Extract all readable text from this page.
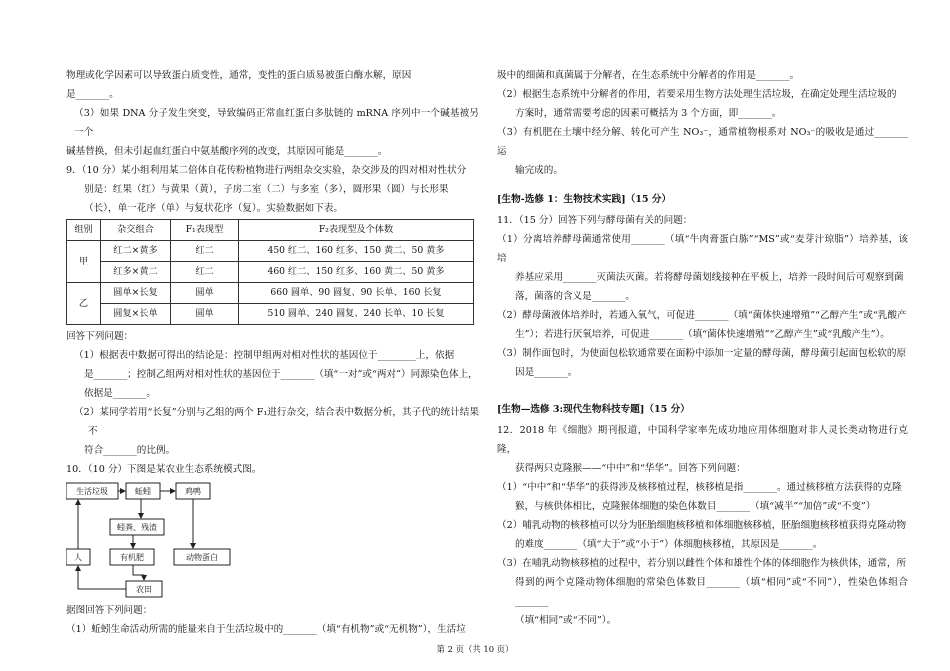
物理或化学因素可以导致蛋白质变性，通常，变性的蛋白质易被蛋白酶水解，原因

是_______。

（3）如果 DNA 分子发生突变，导致编码正常血红蛋白多肽链的 mRNA 序列中一个碱基被另一个

碱基替换，但未引起血红蛋白中氨基酸序列的改变，其原因可能是_______。

9．（10 分）某小组利用某二倍体自花传粉植物进行两组杂交实验，杂交涉及的四对相对性状分

别是：红果（红）与黄果（黄），子房二室（二）与多室（多），圆形果（圆）与长形果

（长），单一花序（单）与复状花序（复）。实验数据如下表。

组别	杂交组合	F₁表现型	F₂表现型及个体数
甲	红二×黄多	红二	450 红二、160 红多、150 黄二、50 黄多
	红多×黄二	红二	460 红二、150 红多、160 黄二、50 黄多
乙	圆单×长复	圆单	660 圆单、90 圆复、90 长单、160 长复
	圆复×长单	圆单	510 圆单、240 圆复、240 长单、10 长复

回答下列问题：

（1）根据表中数据可得出的结论是：控制甲组两对相对性状的基因位于________上，依据

是_______；控制乙组两对相对性状的基因位于_______（填“一对”或“两对”）同源染色体上，

依据是_______。

（2）某同学若用“长复”分别与乙组的两个 F₁进行杂交，结合表中数据分析，其子代的统计结果不

符合_______的比例。

10．（10 分）下图是某农业生态系统模式图。

生活垃圾	蚯蚓	鸡鸭
蚓粪、残渣
有机肥	动物蛋白
人
农田

据图回答下列问题：

（1）蚯蚓生命活动所需的能量来自于生活垃圾中的_______（填“有机物”或“无机物”），生活垃

圾中的细菌和真菌属于分解者，在生态系统中分解者的作用是_______。

（2）根据生态系统中分解者的作用，若要采用生物方法处理生活垃圾，在确定处理生活垃圾的

方案时，通常需要考虑的因素可概括为 3 个方面，即_______。

（3）有机肥在土壤中经分解、转化可产生 NO₃⁻，通常植物根系对 NO₃⁻的吸收是通过_______运

输完成的。

[生物-选修 1：生物技术实践]（15 分）

11．（15 分）回答下列与酵母菌有关的问题：

（1）分离培养酵母菌通常使用_______（填“牛肉膏蛋白胨”“MS”或“麦芽汁琼脂”）培养基，该培

养基应采用_______灭菌法灭菌。若将酵母菌划线接种在平板上，培养一段时间后可观察到菌

落，菌落的含义是_______。

（2）酵母菌液体培养时，若通入氧气，可促进_______（填“菌体快速增殖”“乙醇产生”或“乳酸产

生”）；若进行厌氧培养，可促进_______（填“菌体快速增殖”“乙醇产生”或“乳酸产生”）。

（3）制作面包时，为使面包松软通常要在面粉中添加一定量的酵母菌，酵母菌引起面包松软的原

因是_______。

[生物—选修 3:现代生物科技专题]（15 分）

12．2018 年《细胞》期刊报道，中国科学家率先成功地应用体细胞对非人灵长类动物进行克隆，

获得两只克隆猴——“中中”和“华华”。回答下列问题：

（1）“中中”和“华华”的获得涉及核移植过程，核移植是指_______。通过核移植方法获得的克隆

猴，与核供体相比，克隆猴体细胞的染色体数目_______（填“减半”“加倍”或“不变”）

（2）哺乳动物的核移植可以分为胚胎细胞核移植和体细胞核移植，胚胎细胞核移植获得克隆动物

的难度_______（填“大于”或“小于”）体细胞核移植，其原因是_______。

（3）在哺乳动物核移植的过程中，若分别以雌性个体和雄性个体的体细胞作为核供体，通常，所

得到的两个克隆动物体细胞的常染色体数目_______（填“相同”或“不同”），性染色体组合_______

（填“相同”或“不同”）。

第 2 页（共 10 页）
